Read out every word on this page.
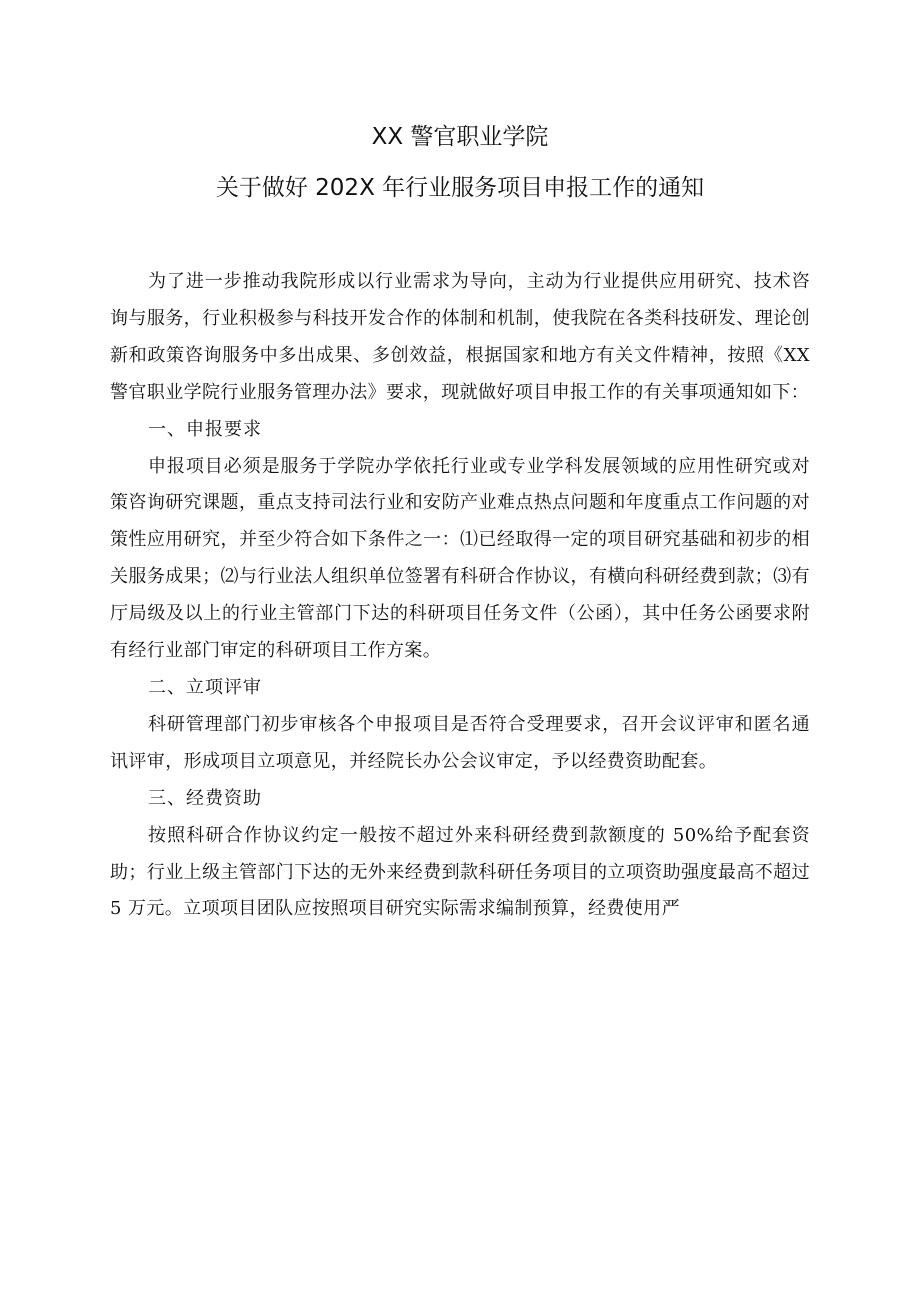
XX 警官职业学院
关于做好 202X 年行业服务项目申报工作的通知

为了进一步推动我院形成以行业需求为导向，主动为行业提供应用研究、技术咨询与服务，行业积极参与科技开发合作的体制和机制，使我院在各类科技研发、理论创新和政策咨询服务中多出成果、多创效益，根据国家和地方有关文件精神，按照《XX 警官职业学院行业服务管理办法》要求，现就做好项目申报工作的有关事项通知如下：

一、申报要求

申报项目必须是服务于学院办学依托行业或专业学科发展领域的应用性研究或对策咨询研究课题，重点支持司法行业和安防产业难点热点问题和年度重点工作问题的对策性应用研究，并至少符合如下条件之一：⑴已经取得一定的项目研究基础和初步的相关服务成果；⑵与行业法人组织单位签署有科研合作协议，有横向科研经费到款；⑶有厅局级及以上的行业主管部门下达的科研项目任务文件（公函），其中任务公函要求附有经行业部门审定的科研项目工作方案。

二、立项评审

科研管理部门初步审核各个申报项目是否符合受理要求，召开会议评审和匿名通讯评审，形成项目立项意见，并经院长办公会议审定，予以经费资助配套。

三、经费资助

按照科研合作协议约定一般按不超过外来科研经费到款额度的 50%给予配套资助；行业上级主管部门下达的无外来经费到款科研任务项目的立项资助强度最高不超过 5 万元。立项项目团队应按照项目研究实际需求编制预算，经费使用严
